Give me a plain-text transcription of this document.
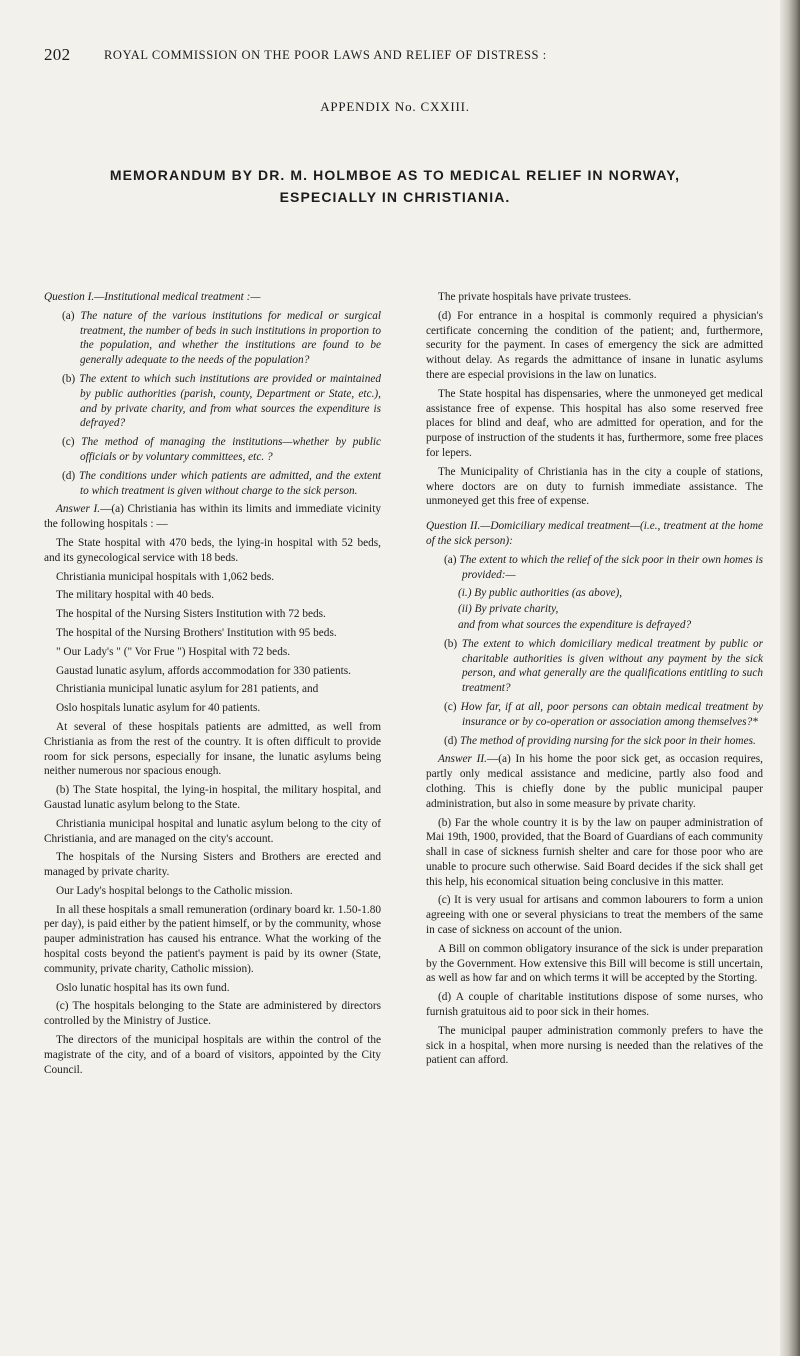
202	ROYAL COMMISSION ON THE POOR LAWS AND RELIEF OF DISTRESS :
APPENDIX No. CXXIII.
MEMORANDUM BY DR. M. HOLMBOE AS TO MEDICAL RELIEF IN NORWAY,
ESPECIALLY IN CHRISTIANIA.

Question I.—Institutional medical treatment :—

(a) The nature of the various institutions for medical or surgical treatment, the number of beds in such institutions in proportion to the population, and whether the institutions are found to be generally adequate to the needs of the population?

(b) The extent to which such institutions are provided or maintained by public authorities (parish, county, Department or State, etc.), and by private charity, and from what sources the expenditure is defrayed?

(c) The method of managing the institutions—whether by public officials or by voluntary committees, etc. ?

(d) The conditions under which patients are admitted, and the extent to which treatment is given without charge to the sick person.

Answer I.—(a) Christiania has within its limits and immediate vicinity the following hospitals : —

The State hospital with 470 beds, the lying-in hospital with 52 beds, and its gynecological service with 18 beds.

Christiania municipal hospitals with 1,062 beds.

The military hospital with 40 beds.

The hospital of the Nursing Sisters Institution with 72 beds.

The hospital of the Nursing Brothers' Institution with 95 beds.

" Our Lady's " (" Vor Frue ") Hospital with 72 beds.

Gaustad lunatic asylum, affords accommodation for 330 patients.

Christiania municipal lunatic asylum for 281 patients, and

Oslo hospitals lunatic asylum for 40 patients.

At several of these hospitals patients are admitted, as well from Christiania as from the rest of the country. It is often difficult to provide room for sick persons, especially for insane, the lunatic asylums being neither numerous nor spacious enough.

(b) The State hospital, the lying-in hospital, the military hospital, and Gaustad lunatic asylum belong to the State.

Christiania municipal hospital and lunatic asylum belong to the city of Christiania, and are managed on the city's account.

The hospitals of the Nursing Sisters and Brothers are erected and managed by private charity.

Our Lady's hospital belongs to the Catholic mission.

In all these hospitals a small remuneration (ordinary board kr. 1.50-1.80 per day), is paid either by the patient himself, or by the community, whose pauper administration has caused his entrance. What the working of the hospital costs beyond the patient's payment is paid by its owner (State, community, private charity, Catholic mission).

Oslo lunatic hospital has its own fund.

(c) The hospitals belonging to the State are administered by directors controlled by the Ministry of Justice.

The directors of the municipal hospitals are within the control of the magistrate of the city, and of a board of visitors, appointed by the City Council.

The private hospitals have private trustees.

(d) For entrance in a hospital is commonly required a physician's certificate concerning the condition of the patient; and, furthermore, security for the payment. In cases of emergency the sick are admitted without delay. As regards the admittance of insane in lunatic asylums there are especial provisions in the law on lunatics.

The State hospital has dispensaries, where the unmoneyed get medical assistance free of expense. This hospital has also some reserved free places for blind and deaf, who are admitted for operation, and for the purpose of instruction of the students it has, furthermore, some free places for lepers.

The Municipality of Christiania has in the city a couple of stations, where doctors are on duty to furnish immediate assistance. The unmoneyed get this free of expense.

Question II.—Domiciliary medical treatment—(i.e., treatment at the home of the sick person):

(a) The extent to which the relief of the sick poor in their own homes is provided:—

(i.) By public authorities (as above),

(ii) By private charity,

and from what sources the expenditure is defrayed?

(b) The extent to which domiciliary medical treatment by public or charitable authorities is given without any payment by the sick person, and what generally are the qualifications entitling to such treatment?

(c) How far, if at all, poor persons can obtain medical treatment by insurance or by co-operation or association among themselves?*

(d) The method of providing nursing for the sick poor in their homes.

Answer II.—(a) In his home the poor sick get, as occasion requires, partly only medical assistance and medicine, partly also food and clothing. This is chiefly done by the public municipal pauper administration, but also in some measure by private charity.

(b) Far the whole country it is by the law on pauper administration of Mai 19th, 1900, provided, that the Board of Guardians of each community shall in case of sickness furnish shelter and care for those poor who are unable to procure such otherwise. Said Board decides if the sick shall get this help, his economical situation being conclusive in this matter.

(c) It is very usual for artisans and common labourers to form a union agreeing with one or several physicians to treat the members of the same in case of sickness on account of the union.

A Bill on common obligatory insurance of the sick is under preparation by the Government. How extensive this Bill will become is still uncertain, as well as how far and on which terms it will be accepted by the Storting.

(d) A couple of charitable institutions dispose of some nurses, who furnish gratuitous aid to poor sick in their homes.

The municipal pauper administration commonly prefers to have the sick in a hospital, when more nursing is needed than the relatives of the patient can afford.
